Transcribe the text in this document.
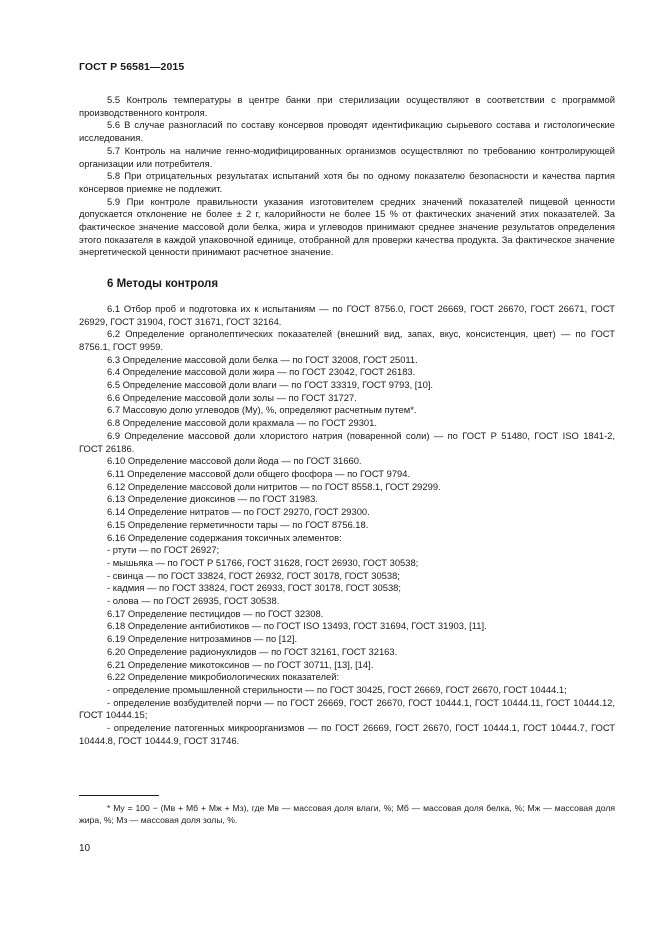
ГОСТ Р 56581—2015

5.5 Контроль температуры в центре банки при стерилизации осуществляют в соответствии с программой производственного контроля.

5.6 В случае разногласий по составу консервов проводят идентификацию сырьевого состава и гистологические исследования.

5.7 Контроль на наличие генно-модифицированных организмов осуществляют по требованию контролирующей организации или потребителя.

5.8 При отрицательных результатах испытаний хотя бы по одному показателю безопасности и качества партия консервов приемке не подлежит.

5.9 При контроле правильности указания изготовителем средних значений показателей пищевой ценности допускается отклонение не более ± 2 г, калорийности не более 15 % от фактических значений этих показателей. За фактическое значение массовой доли белка, жира и углеводов принимают среднее значение результатов определения этого показателя в каждой упаковочной единице, отобранной для проверки качества продукта. За фактическое значение энергетической ценности принимают расчетное значение.

6 Методы контроля

6.1 Отбор проб и подготовка их к испытаниям — по ГОСТ 8756.0, ГОСТ 26669, ГОСТ 26670, ГОСТ 26671, ГОСТ 26929, ГОСТ 31904, ГОСТ 31671, ГОСТ 32164.

6.2 Определение органолептических показателей (внешний вид, запах, вкус, консистенция, цвет) — по ГОСТ 8756.1, ГОСТ 9959.

6.3 Определение массовой доли белка — по ГОСТ 32008, ГОСТ 25011.

6.4 Определение массовой доли жира — по ГОСТ 23042, ГОСТ 26183.

6.5 Определение массовой доли влаги — по ГОСТ 33319, ГОСТ 9793, [10].

6.6 Определение массовой доли золы — по ГОСТ 31727.

6.7 Массовую долю углеводов (Мy), %, определяют расчетным путем*.

6.8 Определение массовой доли крахмала — по ГОСТ 29301.

6.9 Определение массовой доли хлористого натрия (поваренной соли) — по ГОСТ Р 51480, ГОСТ ISO 1841-2, ГОСТ 26186.

6.10 Определение массовой доли йода — по ГОСТ 31660.

6.11 Определение массовой доли общего фосфора — по ГОСТ 9794.

6.12 Определение массовой доли нитритов — по ГОСТ 8558.1, ГОСТ 29299.

6.13 Определение диоксинов — по ГОСТ 31983.

6.14 Определение нитратов — по ГОСТ 29270, ГОСТ 29300.

6.15 Определение герметичности тары — по ГОСТ 8756.18.

6.16 Определение содержания токсичных элементов:

- ртути — по ГОСТ 26927;

- мышьяка — по ГОСТ Р 51766, ГОСТ 31628, ГОСТ 26930, ГОСТ 30538;

- свинца — по ГОСТ 33824, ГОСТ 26932, ГОСТ 30178, ГОСТ 30538;

- кадмия — по ГОСТ 33824, ГОСТ 26933, ГОСТ 30178, ГОСТ 30538;

- олова — по ГОСТ 26935, ГОСТ 30538.

6.17 Определение пестицидов — по ГОСТ 32308.

6.18 Определение антибиотиков — по ГОСТ ISO 13493, ГОСТ 31694, ГОСТ 31903, [11].

6.19 Определение нитрозаминов — по [12].

6.20 Определение радионуклидов — по ГОСТ 32161, ГОСТ 32163.

6.21 Определение микотоксинов — по ГОСТ 30711, [13], [14].

6.22 Определение микробиологических показателей:

- определение промышленной стерильности — по ГОСТ 30425, ГОСТ 26669, ГОСТ 26670, ГОСТ 10444.1;

- определение возбудителей порчи — по ГОСТ 26669, ГОСТ 26670, ГОСТ 10444.1, ГОСТ 10444.11, ГОСТ 10444.12, ГОСТ 10444.15;

- определение патогенных микроорганизмов — по ГОСТ 26669, ГОСТ 26670, ГОСТ 10444.1, ГОСТ 10444.7, ГОСТ 10444.8, ГОСТ 10444.9, ГОСТ 31746.

* Мy = 100 − (Мв + Мб + Мж + Мз), где Мв — массовая доля влаги, %; Мб — массовая доля белка, %; Мж — массовая доля жира, %; Мз — массовая доля золы, %.
10
